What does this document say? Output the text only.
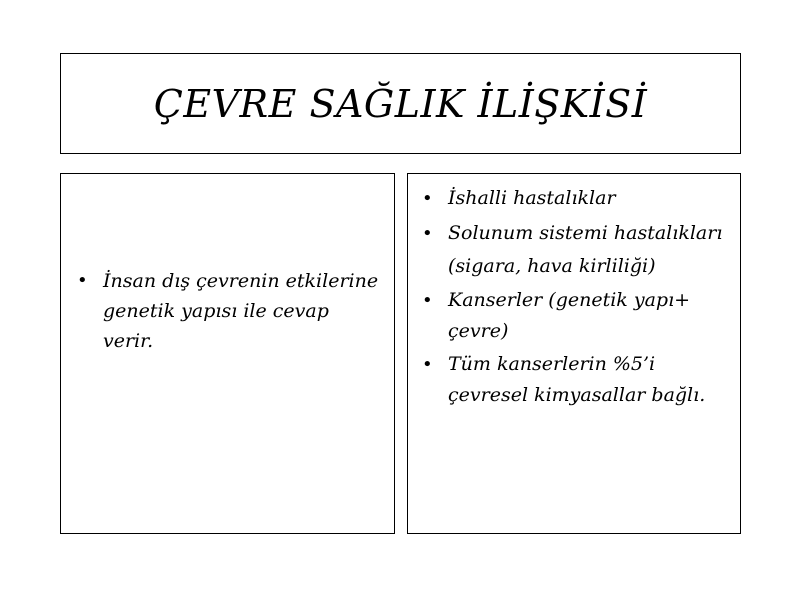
ÇEVRE SAĞLIK İLİŞKİSİ
• İnsan dış çevrenin etkilerine genetik yapısı ile cevap verir.
• İshalli hastalıklar
• Solunum sistemi hastalıkları (sigara, hava kirliliği)
• Kanserler (genetik yapı+ çevre)
• Tüm kanserlerin %5’i çevresel kimyasallar bağlı.
